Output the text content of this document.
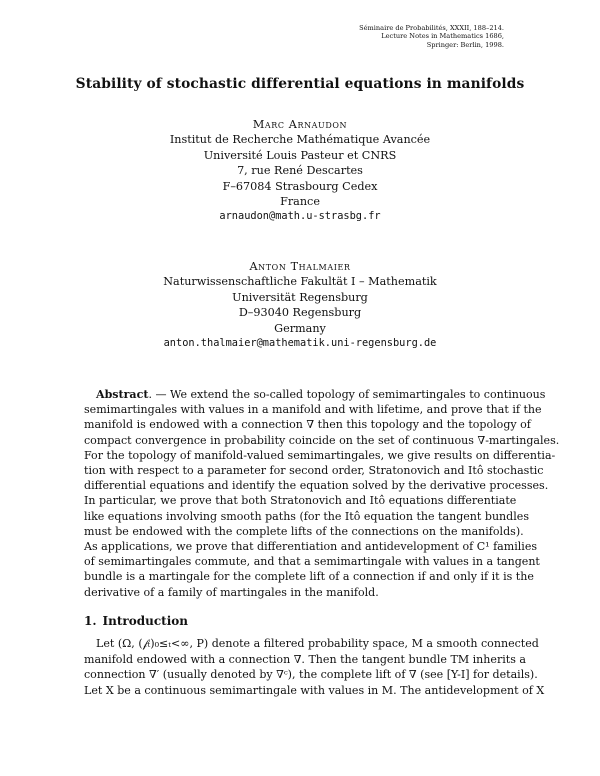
Séminaire de Probabilités, XXXII, 188–214.
Lecture Notes in Mathematics 1686,
Springer: Berlin, 1998.
Stability of stochastic differential equations in manifolds
Marc Arnaudon
Institut de Recherche Mathématique Avancée
Université Louis Pasteur et CNRS
7, rue René Descartes
F–67084 Strasbourg Cedex
France
arnaudon@math.u-strasbg.fr
Anton Thalmaier
Naturwissenschaftliche Fakultät I – Mathematik
Universität Regensburg
D–93040 Regensburg
Germany
anton.thalmaier@mathematik.uni-regensburg.de
Abstract. — We extend the so-called topology of semimartingales to continuous
semimartingales with values in a manifold and with lifetime, and prove that if the
manifold is endowed with a connection ∇ then this topology and the topology of
compact convergence in probability coincide on the set of continuous ∇-martingales.
For the topology of manifold-valued semimartingales, we give results on differentia-
tion with respect to a parameter for second order, Stratonovich and Itô stochastic
differential equations and identify the equation solved by the derivative processes.
In particular, we prove that both Stratonovich and Itô equations differentiate
like equations involving smooth paths (for the Itô equation the tangent bundles
must be endowed with the complete lifts of the connections on the manifolds).
As applications, we prove that differentiation and antidevelopment of C¹ families
of semimartingales commute, and that a semimartingale with values in a tangent
bundle is a martingale for the complete lift of a connection if and only if it is the
derivative of a family of martingales in the manifold.
1. Introduction
Let (Ω, (𝒻ₜ)₀≤ₜ<∞, P) denote a filtered probability space, M a smooth connected
manifold endowed with a connection ∇. Then the tangent bundle TM inherits a
connection ∇′ (usually denoted by ∇ᶜ), the complete lift of ∇ (see [Y-I] for details).
Let X be a continuous semimartingale with values in M. The antidevelopment of X
